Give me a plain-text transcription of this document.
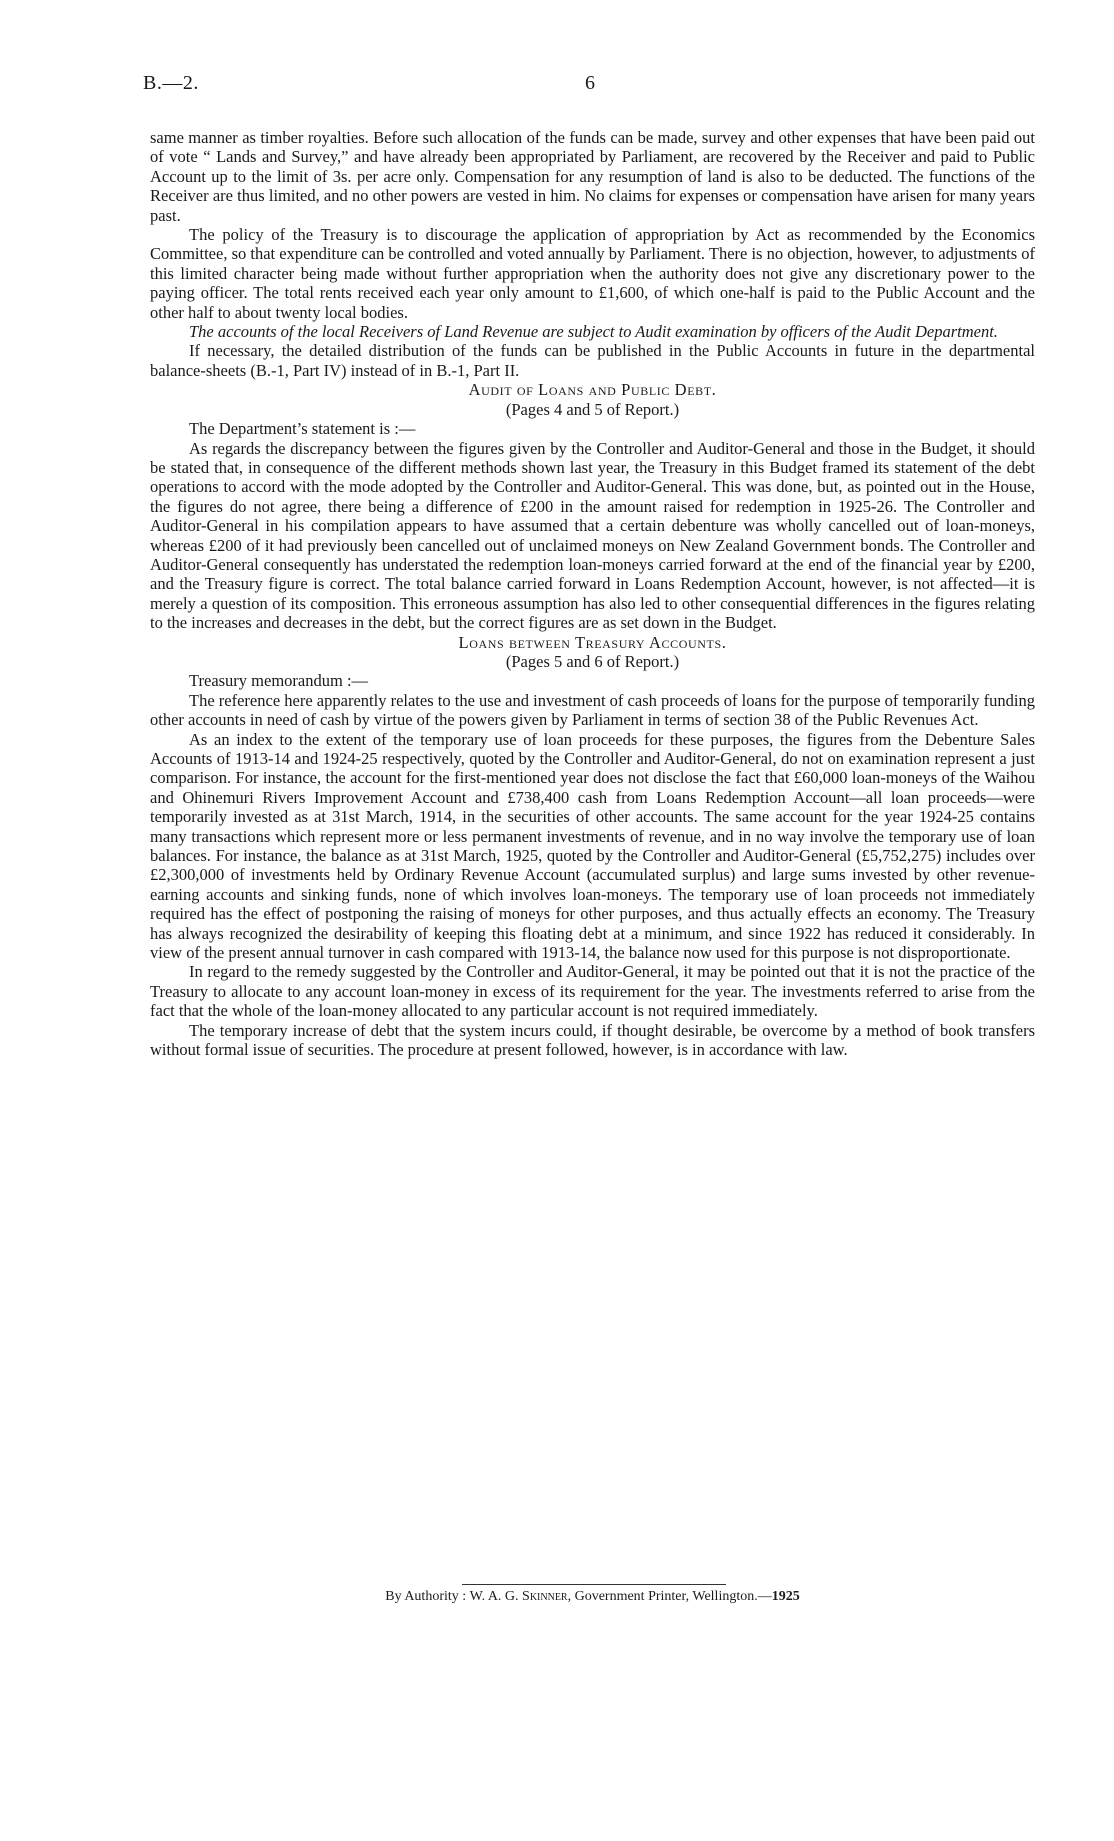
B.—2.	6

same manner as timber royalties. Before such allocation of the funds can be made, survey and other expenses that have been paid out of vote “ Lands and Survey,” and have already been appropriated by Parliament, are recovered by the Receiver and paid to Public Account up to the limit of 3s. per acre only. Compensation for any resumption of land is also to be deducted. The functions of the Receiver are thus limited, and no other powers are vested in him. No claims for expenses or compensation have arisen for many years past.

The policy of the Treasury is to discourage the application of appropriation by Act as recommended by the Economics Committee, so that expenditure can be controlled and voted annually by Parliament. There is no objection, however, to adjustments of this limited character being made without further appropriation when the authority does not give any discretionary power to the paying officer. The total rents received each year only amount to £1,600, of which one-half is paid to the Public Account and the other half to about twenty local bodies.

The accounts of the local Receivers of Land Revenue are subject to Audit examination by officers of the Audit Department.

If necessary, the detailed distribution of the funds can be published in the Public Accounts in future in the departmental balance-sheets (B.-1, Part IV) instead of in B.-1, Part II.

Audit of Loans and Public Debt.

(Pages 4 and 5 of Report.)

The Department’s statement is :—

As regards the discrepancy between the figures given by the Controller and Auditor-General and those in the Budget, it should be stated that, in consequence of the different methods shown last year, the Treasury in this Budget framed its statement of the debt operations to accord with the mode adopted by the Controller and Auditor-General. This was done, but, as pointed out in the House, the figures do not agree, there being a difference of £200 in the amount raised for redemption in 1925-26. The Controller and Auditor-General in his compilation appears to have assumed that a certain debenture was wholly cancelled out of loan-moneys, whereas £200 of it had previously been cancelled out of unclaimed moneys on New Zealand Government bonds. The Controller and Auditor-General consequently has understated the redemption loan-moneys carried forward at the end of the financial year by £200, and the Treasury figure is correct. The total balance carried forward in Loans Redemption Account, however, is not affected—it is merely a question of its composition. This erroneous assumption has also led to other consequential differences in the figures relating to the increases and decreases in the debt, but the correct figures are as set down in the Budget.

Loans between Treasury Accounts.

(Pages 5 and 6 of Report.)

Treasury memorandum :—

The reference here apparently relates to the use and investment of cash proceeds of loans for the purpose of temporarily funding other accounts in need of cash by virtue of the powers given by Parliament in terms of section 38 of the Public Revenues Act.

As an index to the extent of the temporary use of loan proceeds for these purposes, the figures from the Debenture Sales Accounts of 1913-14 and 1924-25 respectively, quoted by the Controller and Auditor-General, do not on examination represent a just comparison. For instance, the account for the first-mentioned year does not disclose the fact that £60,000 loan-moneys of the Waihou and Ohinemuri Rivers Improvement Account and £738,400 cash from Loans Redemption Account—all loan proceeds—were temporarily invested as at 31st March, 1914, in the securities of other accounts. The same account for the year 1924-25 contains many transactions which represent more or less permanent investments of revenue, and in no way involve the temporary use of loan balances. For instance, the balance as at 31st March, 1925, quoted by the Controller and Auditor-General (£5,752,275) includes over £2,300,000 of investments held by Ordinary Revenue Account (accumulated surplus) and large sums invested by other revenue-earning accounts and sinking funds, none of which involves loan-moneys. The temporary use of loan proceeds not immediately required has the effect of postponing the raising of moneys for other purposes, and thus actually effects an economy. The Treasury has always recognized the desirability of keeping this floating debt at a minimum, and since 1922 has reduced it considerably. In view of the present annual turnover in cash compared with 1913-14, the balance now used for this purpose is not disproportionate.

In regard to the remedy suggested by the Controller and Auditor-General, it may be pointed out that it is not the practice of the Treasury to allocate to any account loan-money in excess of its requirement for the year. The investments referred to arise from the fact that the whole of the loan-money allocated to any particular account is not required immediately.

The temporary increase of debt that the system incurs could, if thought desirable, be overcome by a method of book transfers without formal issue of securities. The procedure at present followed, however, is in accordance with law.

By Authority : W. A. G. Skinner, Government Printer, Wellington.—1925
